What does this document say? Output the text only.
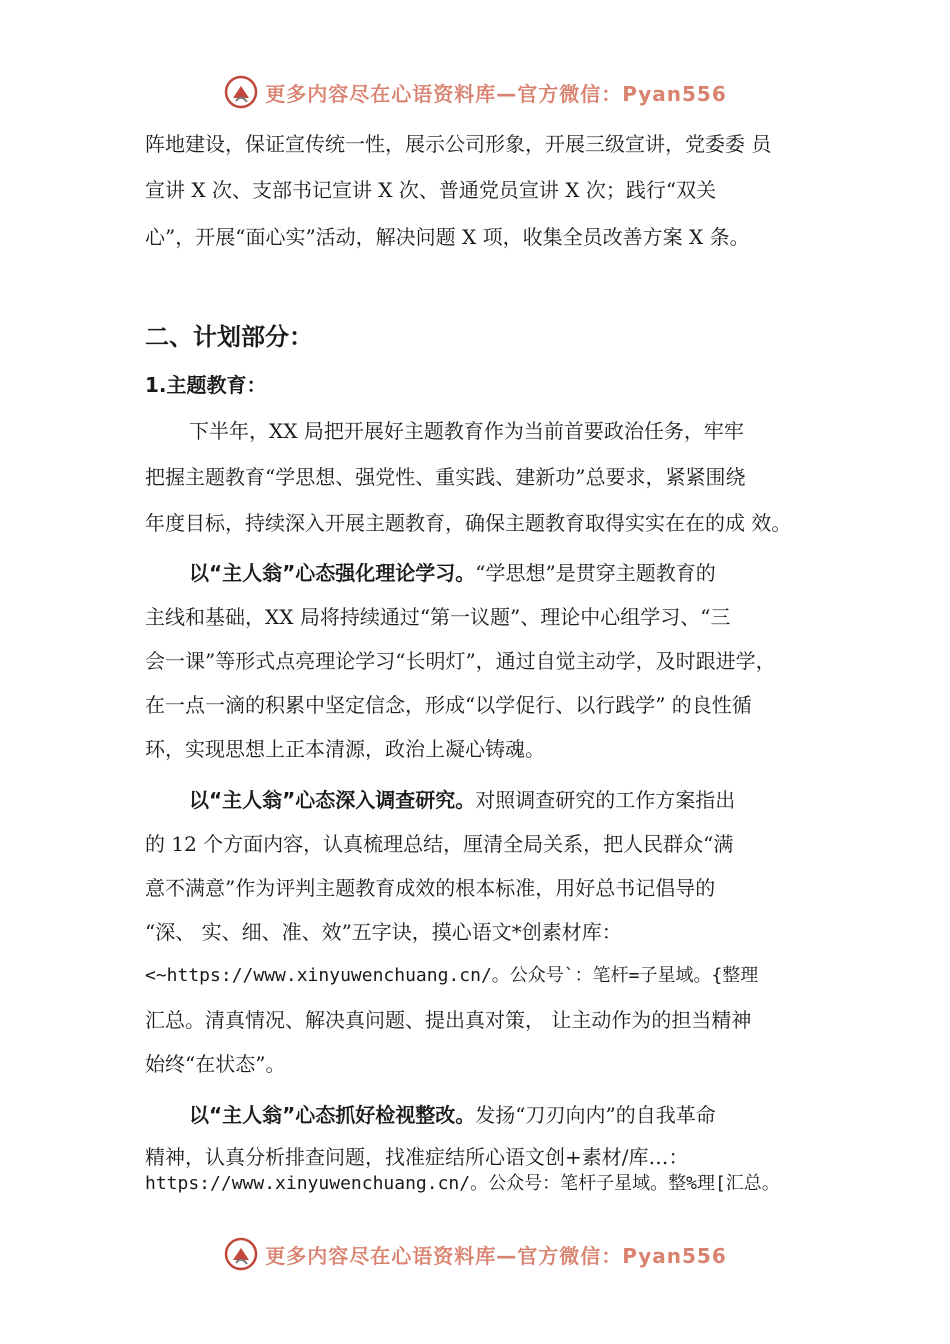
更多内容尽在心语资料库—官方微信：Pyan556
阵地建设，保证宣传统一性，展示公司形象，开展三级宣讲，党委委 员
宣讲 X 次、支部书记宣讲 X 次、普通党员宣讲 X 次；践行“双关
心”，开展“面心实”活动，解决问题 X 项，收集全员改善方案 X 条。
二、计划部分：
1.主题教育：
下半年，XX 局把开展好主题教育作为当前首要政治任务，牢牢
把握主题教育“学思想、强党性、重实践、建新功”总要求，紧紧围绕
年度目标，持续深入开展主题教育，确保主题教育取得实实在在的成 效。
以“主人翁”心态强化理论学习。“学思想”是贯穿主题教育的
主线和基础，XX 局将持续通过“第一议题”、理论中心组学习、“三
会一课”等形式点亮理论学习“长明灯”，通过自觉主动学，及时跟进学，
在一点一滴的积累中坚定信念，形成“以学促行、以行践学” 的良性循
环，实现思想上正本清源，政治上凝心铸魂。
以“主人翁”心态深入调查研究。对照调查研究的工作方案指出
的 12 个方面内容，认真梳理总结，厘清全局关系，把人民群众“满
意不满意”作为评判主题教育成效的根本标准，用好总书记倡导的
“深、 实、细、准、效”五字诀，摸心语文*创素材库：
<~https://www.xinyuwenchuang.cn/。公众号`：笔杆=子星域。{整理
汇总。清真情况、解决真问题、提出真对策， 让主动作为的担当精神
始终“在状态”。
以“主人翁”心态抓好检视整改。发扬“刀刃向内”的自我革命
精神，认真分析排查问题，找准症结所心语文创+素材/库…：
https://www.xinyuwenchuang.cn/。公众号：笔杆子星域。整%理[汇总。
更多内容尽在心语资料库—官方微信：Pyan556
